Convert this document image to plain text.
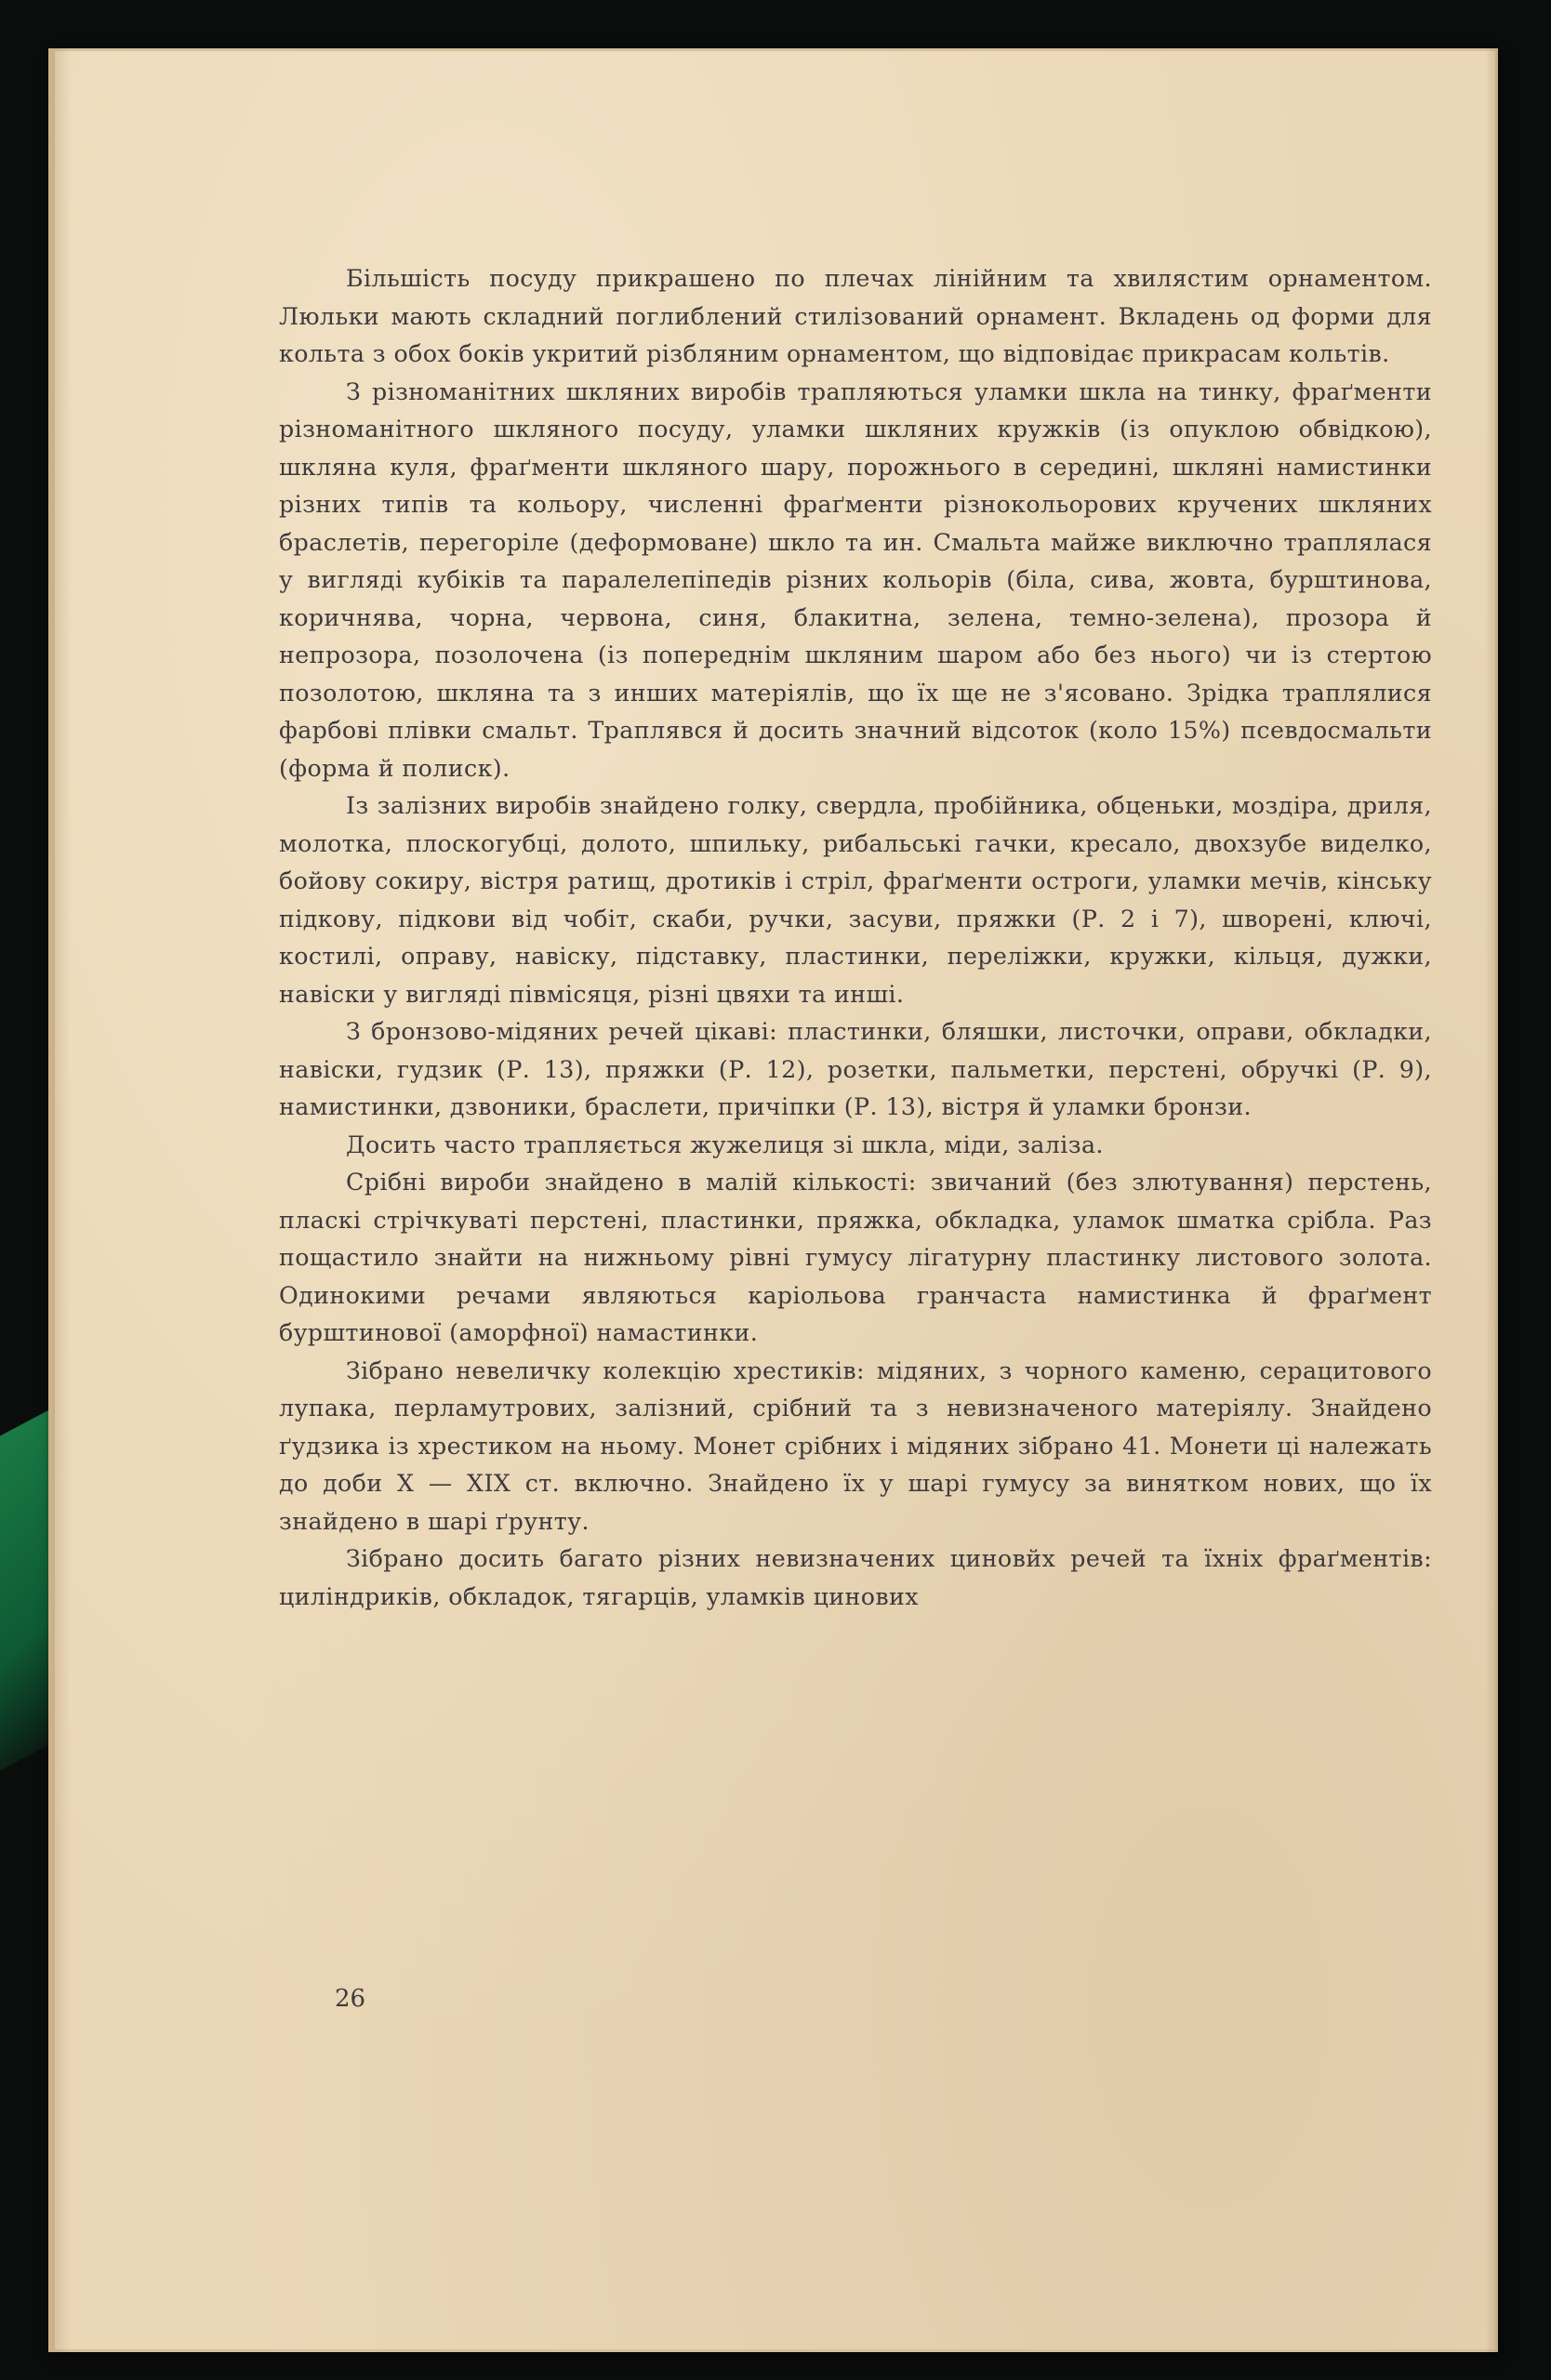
Більшість посуду прикрашено по плечах лінійним та хвилястим орнаментом. Люльки мають складний поглиблений стилізований орнамент. Вкладень од форми для кольта з обох боків укритий різбляним орнаментом, що відповідає прикрасам кольтів.

З різноманітних шкляних виробів трапляються уламки шкла на тинку, фраґменти різноманітного шкляного посуду, уламки шкляних кружків (із опуклою обвідкою), шкляна куля, фраґменти шкляного шару, порожнього в середині, шкляні намистинки різних типів та кольору, численні фраґменти різнокольорових кручених шкляних браслетів, перегоріле (деформоване) шкло та ин. Смальта майже виключно траплялася у вигляді кубіків та паралелепіпедів різних кольорів (біла, сива, жовта, бурштинова, коричнява, чорна, червона, синя, блакитна, зелена, темно-зелена), прозора й непрозора, позолочена (із попереднім шкляним шаром або без нього) чи із стертою позолотою, шкляна та з инших матеріялів, що їх ще не з'ясовано. Зрідка траплялися фарбові плівки смальт. Траплявся й досить значний відсоток (коло 15%) псевдосмальти (форма й полиск).

Із залізних виробів знайдено голку, свердла, пробійника, обценьки, моздіра, дриля, молотка, плоскогубці, долото, шпильку, рибальські гачки, кресало, двохзубе виделко, бойову сокиру, вістря ратищ, дротиків і стріл, фраґменти остроги, уламки мечів, кінську підкову, підкови від чобіт, скаби, ручки, засуви, пряжки (Р. 2 і 7), шворені, ключі, костилі, оправу, навіску, підставку, пластинки, переліжки, кружки, кільця, дужки, навіски у вигляді півмісяця, різні цвяхи та инші.

З бронзово-мідяних речей цікаві: пластинки, бляшки, листочки, оправи, обкладки, навіски, гудзик (Р. 13), пряжки (Р. 12), розетки, пальметки, перстені, обручкі (Р. 9), намистинки, дзвоники, браслети, причіпки (Р. 13), вістря й уламки бронзи.

Досить часто трапляється жужелиця зі шкла, міди, заліза.

Срібні вироби знайдено в малій кількості: звичаний (без злютування) перстень, пласкі стрічкуваті перстені, пластинки, пряжка, обкладка, уламок шматка срібла. Раз пощастило знайти на нижньому рівні гумусу лігатурну пластинку листового золота. Одинокими речами являються каріольова гранчаста намистинка й фраґмент бурштинової (аморфної) намастинки.

Зібрано невеличку колекцію хрестиків: мідяних, з чорного каменю, серацитового лупака, перламутрових, залізний, срібний та з невизначеного матеріялу. Знайдено ґудзика із хрестиком на ньому. Монет срібних і мідяних зібрано 41. Монети ці належать до доби X — XIX ст. включно. Знайдено їх у шарі гумусу за винятком нових, що їх знайдено в шарі ґрунту.

Зібрано досить багато різних невизначених циновйх речей та їхніх фраґментів: циліндриків, обкладок, тягарців, уламків цинових

26
